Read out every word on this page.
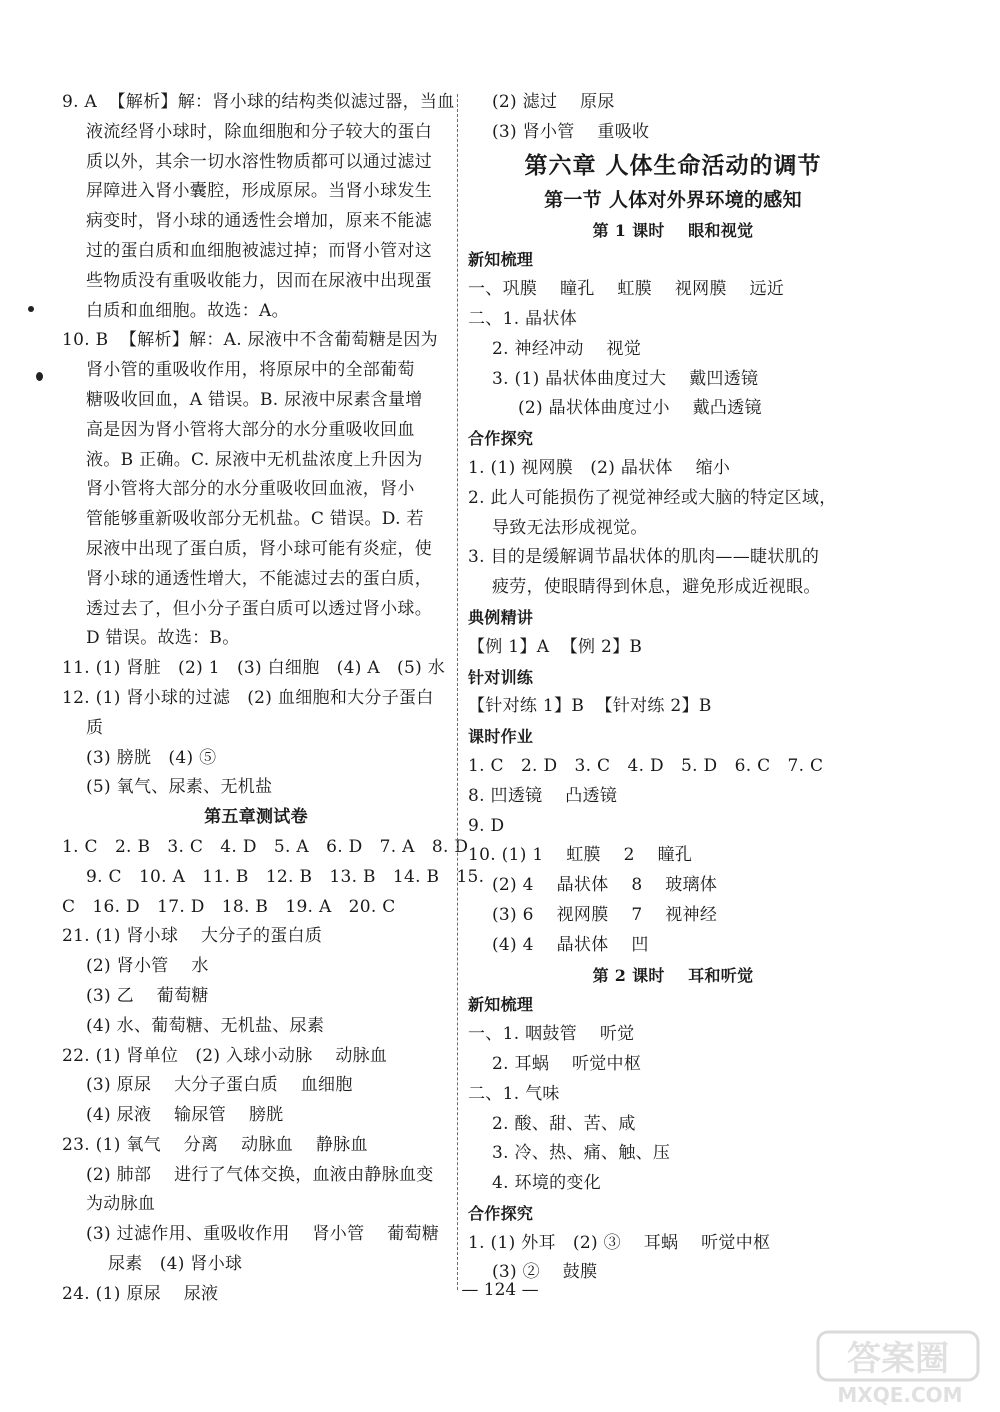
9. A  【解析】解：肾小球的结构类似滤过器，当血
液流经肾小球时，除血细胞和分子较大的蛋白
质以外，其余一切水溶性物质都可以通过滤过
屏障进入肾小囊腔，形成原尿。当肾小球发生
病变时，肾小球的通透性会增加，原来不能滤
过的蛋白质和血细胞被滤过掉；而肾小管对这
些物质没有重吸收能力，因而在尿液中出现蛋
白质和血细胞。故选：A。
10. B  【解析】解：A. 尿液中不含葡萄糖是因为
肾小管的重吸收作用，将原尿中的全部葡萄
糖吸收回血，A 错误。B. 尿液中尿素含量增
高是因为肾小管将大部分的水分重吸收回血
液。B 正确。C. 尿液中无机盐浓度上升因为
肾小管将大部分的水分重吸收回血液，肾小
管能够重新吸收部分无机盐。C 错误。D. 若
尿液中出现了蛋白质，肾小球可能有炎症，使
肾小球的通透性增大，不能滤过去的蛋白质，
透过去了，但小分子蛋白质可以透过肾小球。
D 错误。故选：B。
11. (1) 肾脏   (2) 1   (3) 白细胞   (4) A   (5) 水
12. (1) 肾小球的过滤   (2) 血细胞和大分子蛋白
质
(3) 膀胱   (4) ⑤
(5) 氧气、尿素、无机盐
第五章测试卷
1. C   2. B   3. C   4. D   5. A   6. D   7. A   8. D
9. C   10. A   11. B   12. B   13. B   14. B   15.
C   16. D   17. D   18. B   19. A   20. C
21. (1) 肾小球    大分子的蛋白质
(2) 肾小管    水
(3) 乙    葡萄糖
(4) 水、葡萄糖、无机盐、尿素
22. (1) 肾单位   (2) 入球小动脉    动脉血
(3) 原尿    大分子蛋白质    血细胞
(4) 尿液    输尿管    膀胱
23. (1) 氧气    分离    动脉血    静脉血
(2) 肺部    进行了气体交换，血液由静脉血变
为动脉血
(3) 过滤作用、重吸收作用    肾小管    葡萄糖
尿素   (4) 肾小球
24. (1) 原尿    尿液
(2) 滤过    原尿
(3) 肾小管    重吸收
第六章 人体生命活动的调节
第一节 人体对外界环境的感知
第 1 课时    眼和视觉
新知梳理
一、巩膜    瞳孔    虹膜    视网膜    远近
二、1. 晶状体
2. 神经冲动    视觉
3. (1) 晶状体曲度过大    戴凹透镜
(2) 晶状体曲度过小    戴凸透镜
合作探究
1. (1) 视网膜   (2) 晶状体    缩小
2. 此人可能损伤了视觉神经或大脑的特定区域，
导致无法形成视觉。
3. 目的是缓解调节晶状体的肌肉——睫状肌的
疲劳，使眼睛得到休息，避免形成近视眼。
典例精讲
【例 1】A  【例 2】B
针对训练
【针对练 1】B  【针对练 2】B
课时作业
1. C   2. D   3. C   4. D   5. D   6. C   7. C
8. 凹透镜    凸透镜
9. D
10. (1) 1    虹膜    2    瞳孔
(2) 4    晶状体    8    玻璃体
(3) 6    视网膜    7    视神经
(4) 4    晶状体    凹
第 2 课时    耳和听觉
新知梳理
一、1. 咽鼓管    听觉
2. 耳蜗    听觉中枢
二、1. 气味
2. 酸、甜、苦、咸
3. 冷、热、痛、触、压
4. 环境的变化
合作探究
1. (1) 外耳   (2) ③    耳蜗    听觉中枢
(3) ②    鼓膜
— 124 —
答案圈
MXQE.COM
